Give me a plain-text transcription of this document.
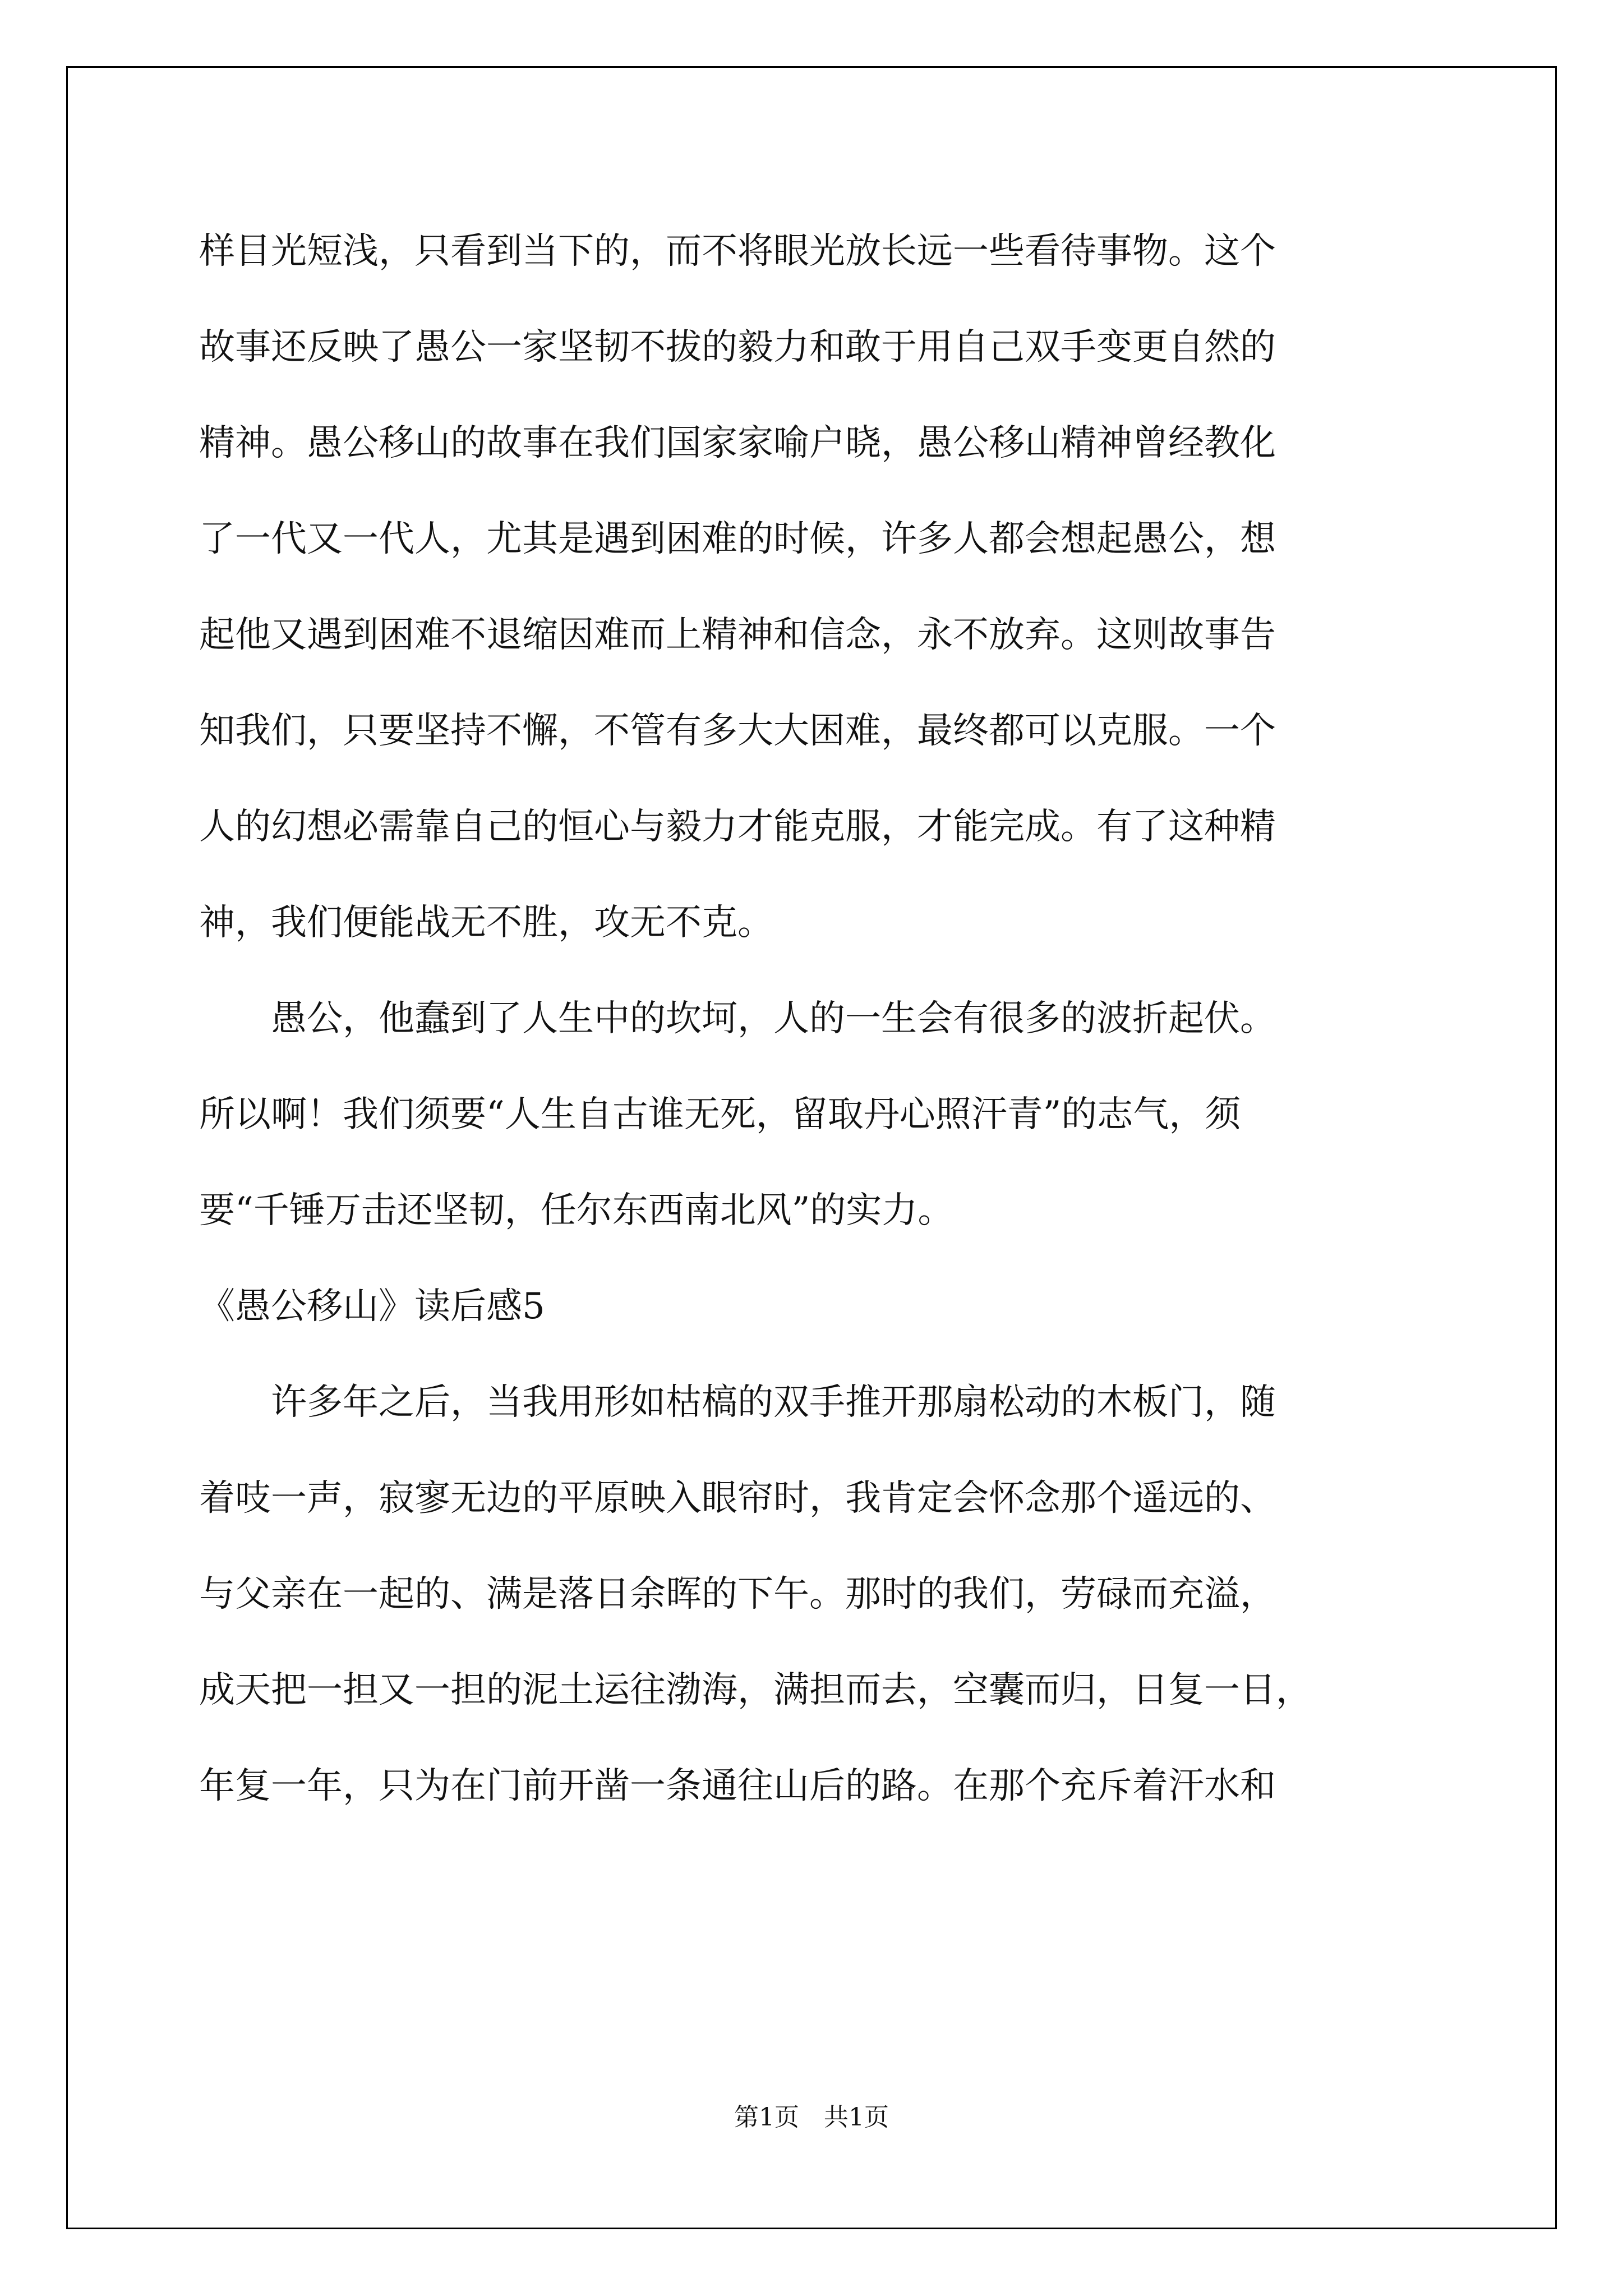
样目光短浅，只看到当下的，而不将眼光放长远一些看待事物。这个
故事还反映了愚公一家坚韧不拔的毅力和敢于用自己双手变更自然的
精神。愚公移山的故事在我们国家家喻户晓，愚公移山精神曾经教化
了一代又一代人，尤其是遇到困难的时候，许多人都会想起愚公，想
起他又遇到困难不退缩因难而上精神和信念，永不放弃。这则故事告
知我们，只要坚持不懈，不管有多大大困难，最终都可以克服。一个
人的幻想必需靠自己的恒心与毅力才能克服，才能完成。有了这种精
神，我们便能战无不胜，攻无不克。
　　愚公，他蠢到了人生中的坎坷，人的一生会有很多的波折起伏。
所以啊！我们须要“人生自古谁无死，留取丹心照汗青”的志气，须
要“千锤万击还坚韧，任尔东西南北风”的实力。
《愚公移山》读后感5
　　许多年之后，当我用形如枯槁的双手推开那扇松动的木板门，随
着吱一声，寂寥无边的平原映入眼帘时，我肯定会怀念那个遥远的、
与父亲在一起的、满是落日余晖的下午。那时的我们，劳碌而充溢，
成天把一担又一担的泥土运往渤海，满担而去，空囊而归，日复一日，
年复一年，只为在门前开凿一条通往山后的路。在那个充斥着汗水和
第1页　共1页
